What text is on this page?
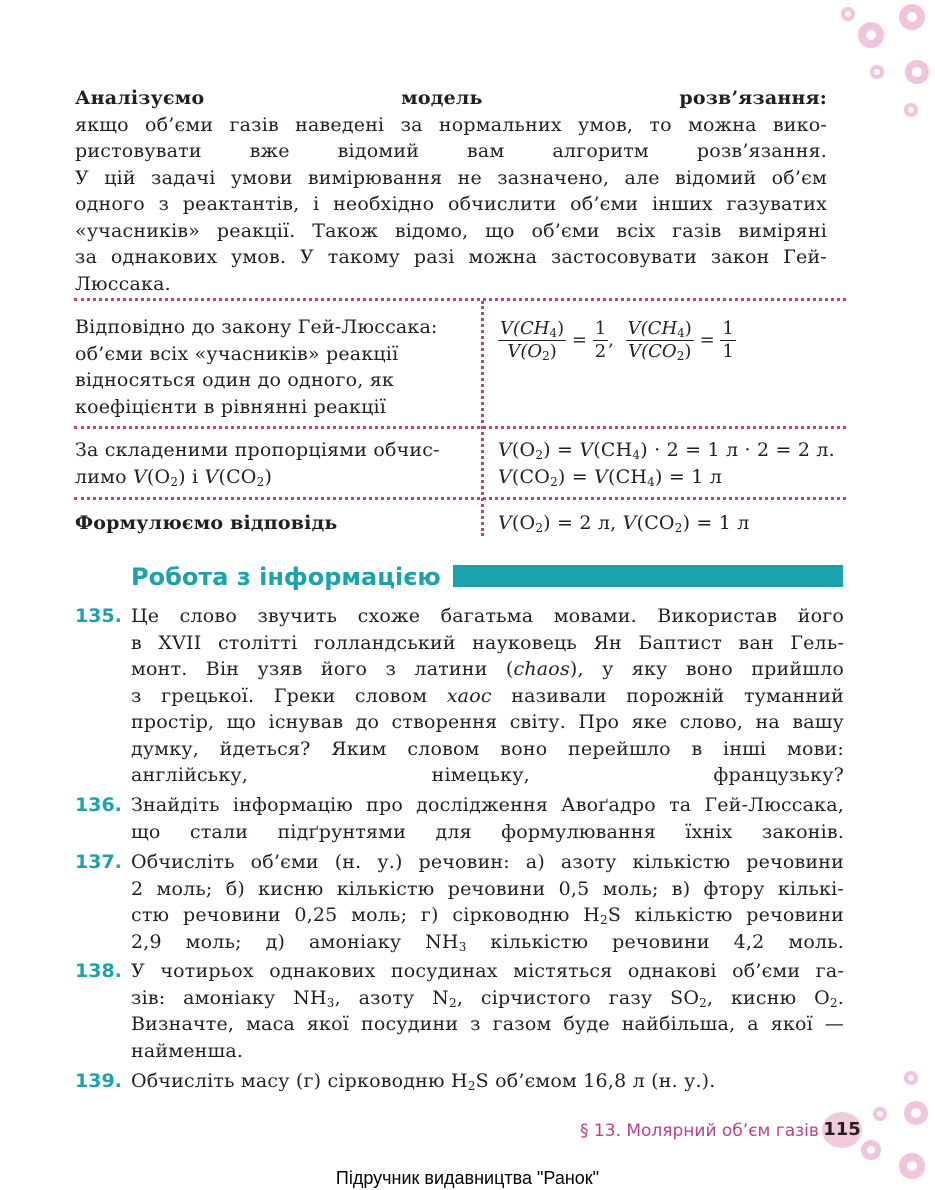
Аналізуємо модель розв’язання:
якщо об’єми газів наведені за нормальних умов, то можна вико-
ристовувати вже відомий вам алгоритм розв’язання.
У цій задачі умови вимірювання не зазначено, але відомий об’єм
одного з реактантів, і необхідно обчислити об’єми інших газуватих
«учасників» реакції. Також відомо, що об’єми всіх газів виміряні
за однакових умов. У такому разі можна застосовувати закон Гей-
Люссака.
Відповідно до закону Гей-Люссака:
об’єми всіх «учасників» реакції
відносяться один до одного, як
коефіцієнти в рівнянні реакції
$\frac{V(CH_4)}{V(O_2)} = \frac{1}{2}$ , $\frac{V(CH_4)}{V(CO_2)} = \frac{1}{1}$
За складеними пропорціями обчис-
лимо $V(O_2)$ і $V(CO_2)$
$V(O_2) = V(CH_4) \cdot 2 = 1$ л · 2 = 2 л.
$V(CO_2) = V(CH_4) = 1$ л
Формулюємо відповідь	$V(O_2) = 2$ л, $V(CO_2) = 1$ л
Робота з інформацією
135. Це слово звучить схоже багатьма мовами. Використав його
в XVII столітті голландський науковець Ян Баптист ван Гель-
монт. Він узяв його з латини (chaos), у яку воно прийшло
з грецької. Греки словом хаос називали порожній туманний
простір, що існував до створення світу. Про яке слово, на вашу
думку, йдеться? Яким словом воно перейшло в інші мови:
англійську, німецьку, французьку?
136. Знайдіть інформацію про дослідження Авоґадро та Гей-Люссака,
що стали підґрунтями для формулювання їхніх законів.
137. Обчисліть об’єми (н. у.) речовин: а) азоту кількістю речовини
2 моль; б) кисню кількістю речовини 0,5 моль; в) фтору кількі-
стю речовини 0,25 моль; г) сірководню $H_2S$ кількістю речовини
2,9 моль; д) амоніаку $NH_3$ кількістю речовини 4,2 моль.
138. У чотирьох однакових посудинах містяться однакові об’єми га-
зів: амоніаку $NH_3$, азоту $N_2$, сірчистого газу $SO_2$, кисню $O_2$.
Визначте, маса якої посудини з газом буде найбільша, а якої —
найменша.
139. Обчисліть масу (г) сірководню $H_2S$ об’ємом 16,8 л (н. у.).
§ 13. Молярний об’єм газів 115
Підручник видавництва "Ранок"
